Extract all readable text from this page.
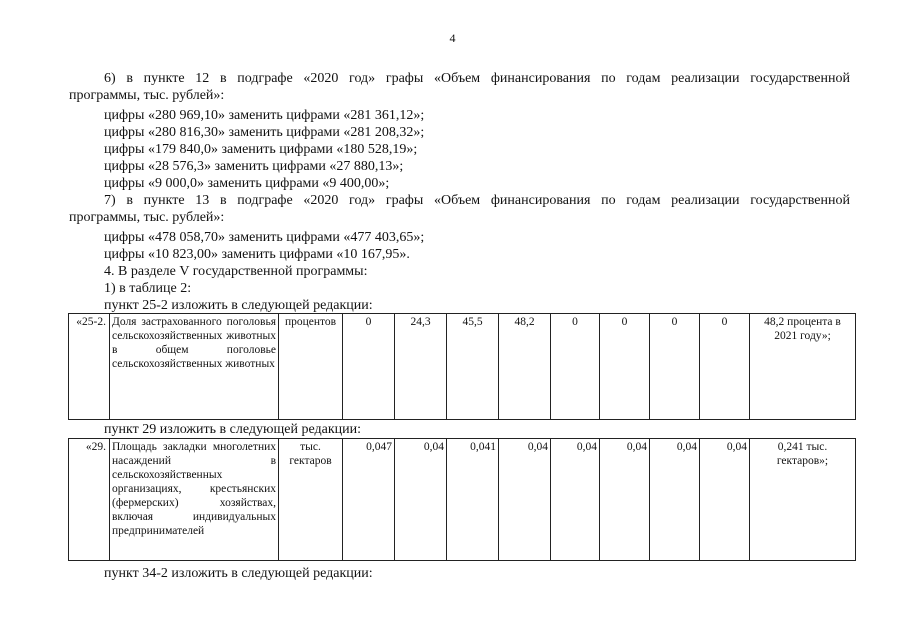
4
6) в пункте 12 в подграфе «2020 год» графы «Объем финансирования по годам реализации государственной
программы, тыс. рублей»:
цифры «280 969,10» заменить цифрами «281 361,12»;
цифры «280 816,30» заменить цифрами «281 208,32»;
цифры «179 840,0» заменить цифрами «180 528,19»;
цифры «28 576,3» заменить цифрами «27 880,13»;
цифры «9 000,0» заменить цифрами «9 400,00»;
7) в пункте 13 в подграфе «2020 год» графы «Объем финансирования по годам реализации государственной
программы, тыс. рублей»:
цифры «478 058,70» заменить цифрами «477 403,65»;
цифры «10 823,00» заменить цифрами «10 167,95».
4. В разделе V государственной программы:
1) в таблице 2:
пункт 25-2 изложить в следующей редакции:
«25-2.	Доля застрахованного поголовья сельскохозяйственных животных в общем поголовье сельскохозяйственных животных	процентов	0	24,3	45,5	48,2	0	0	0	0	48,2 процента в 2021 году»;
пункт 29 изложить в следующей редакции:
«29.	Площадь закладки многолетних насаждений в сельскохозяйственных организациях, крестьянских (фермерских) хозяйствах, включая индивидуальных предпринимателей	тыс. гектаров	0,047	0,04	0,041	0,04	0,04	0,04	0,04	0,04	0,241 тыс. гектаров»;
пункт 34-2 изложить в следующей редакции:
